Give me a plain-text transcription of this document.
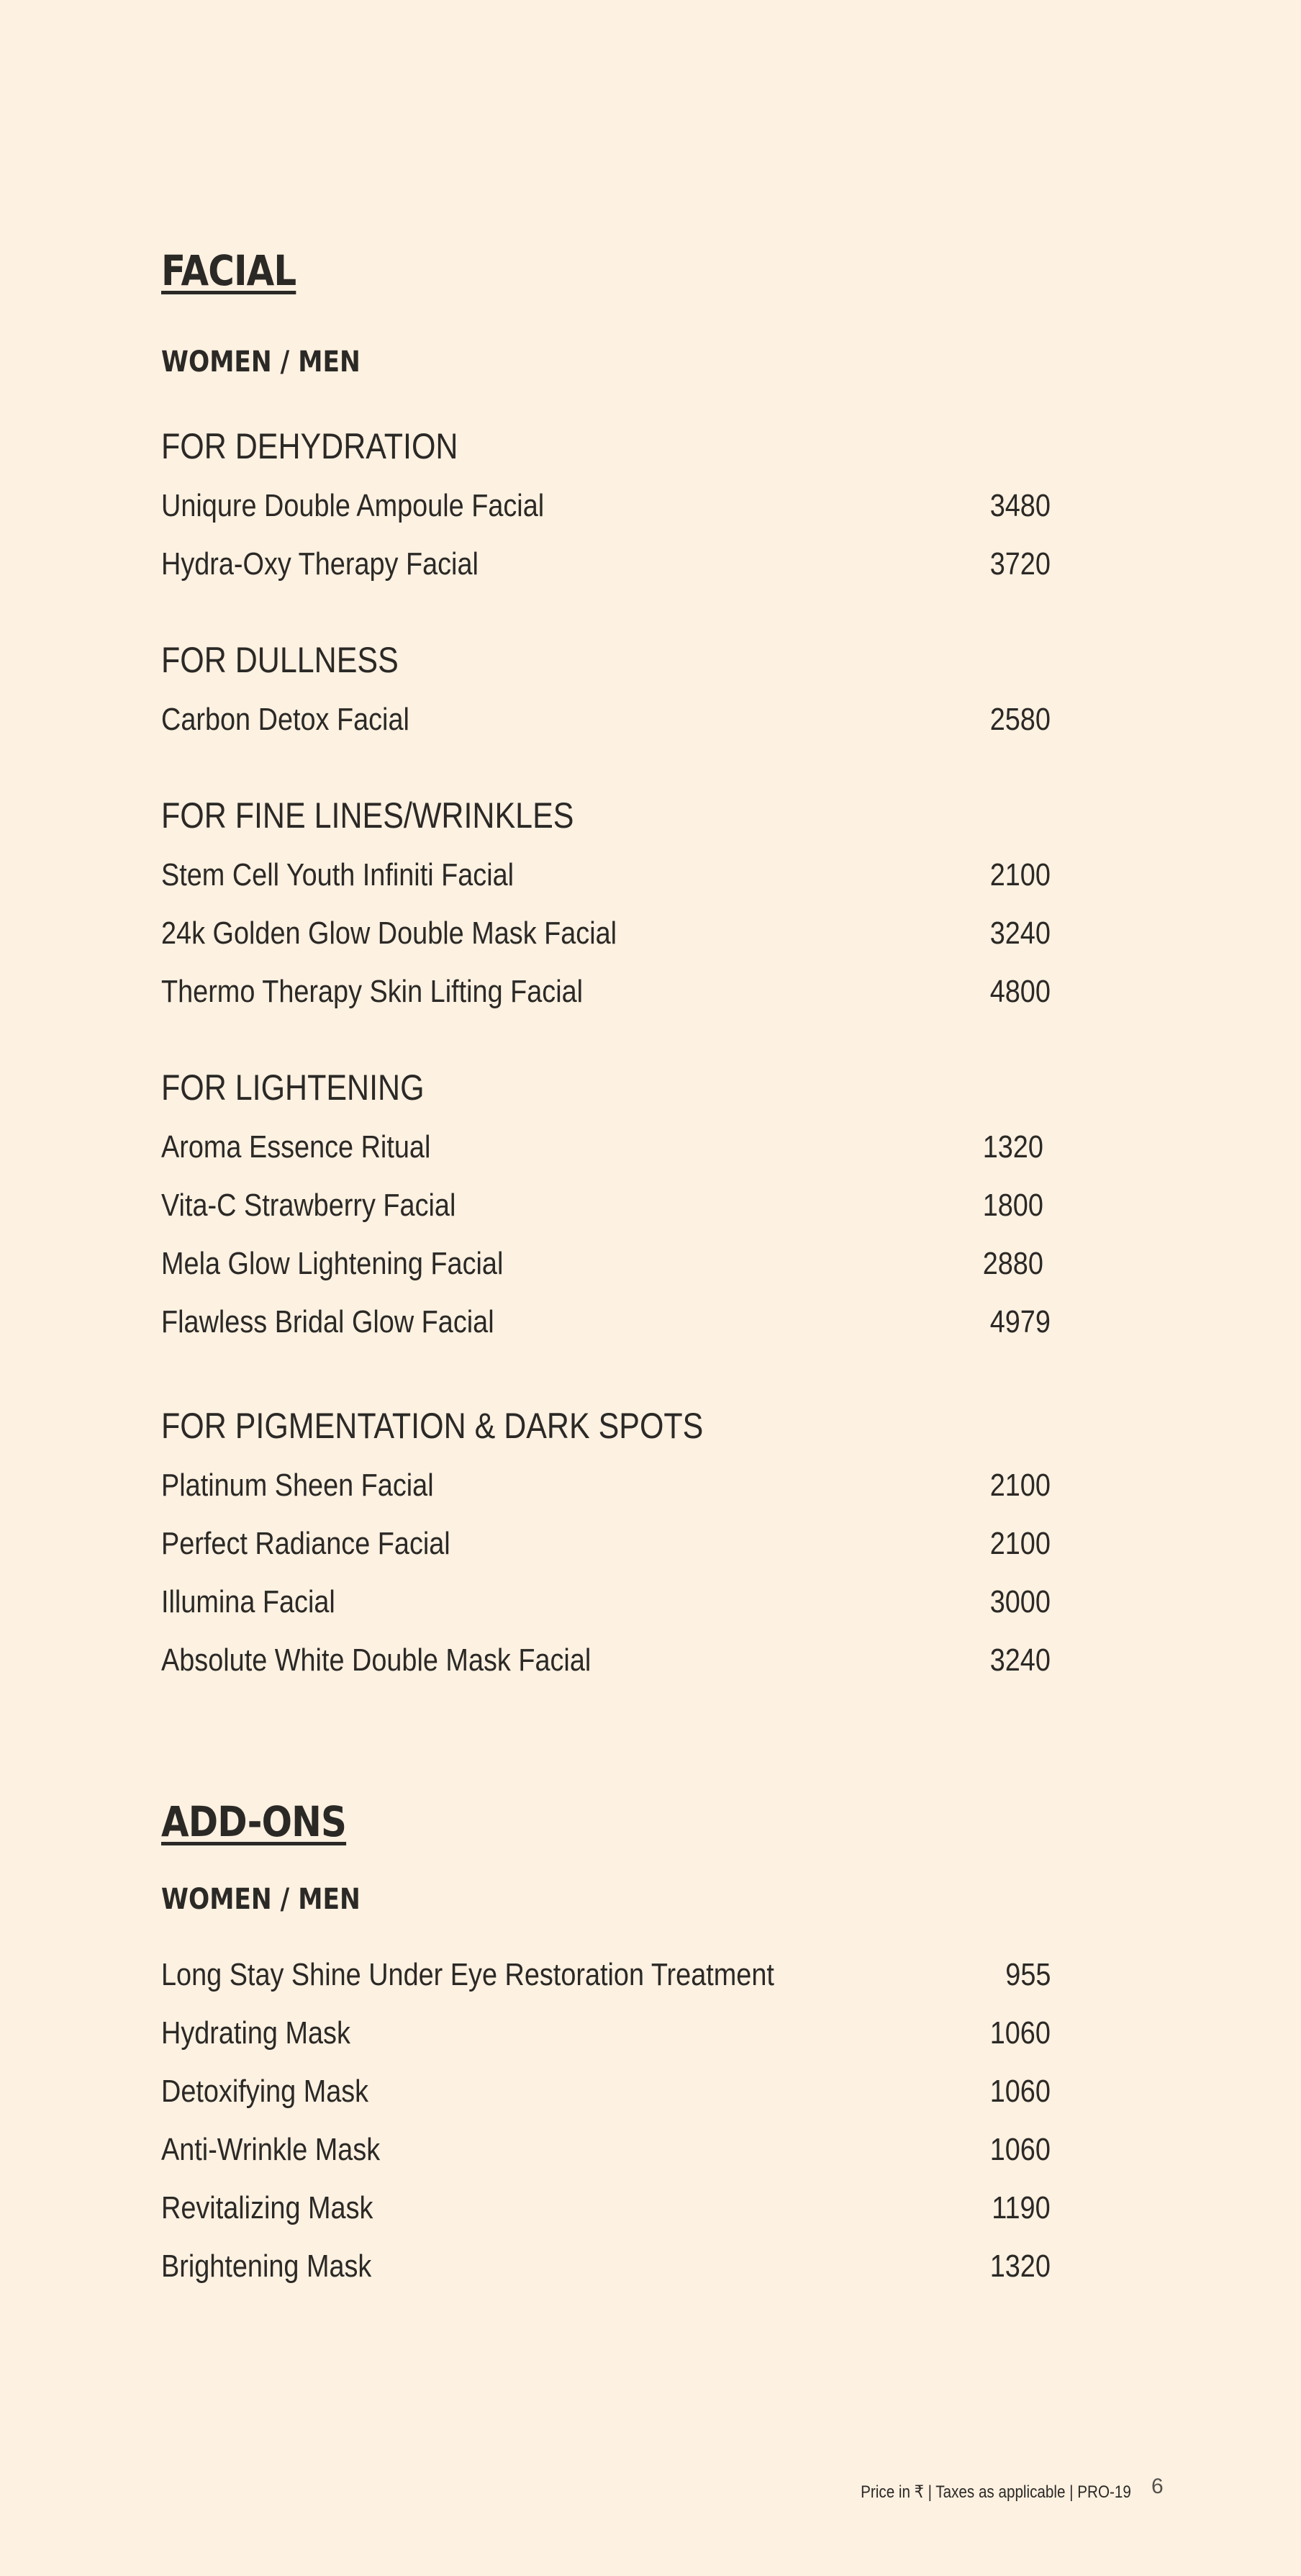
FACIAL
WOMEN / MEN
FOR DEHYDRATION
Uniqure Double Ampoule Facial	3480
Hydra-Oxy Therapy Facial	3720
FOR DULLNESS
Carbon Detox Facial	2580
FOR FINE LINES/WRINKLES
Stem Cell Youth Infiniti Facial	2100
24k Golden Glow Double Mask Facial	3240
Thermo Therapy Skin Lifting Facial	4800
FOR LIGHTENING
Aroma Essence Ritual	1320
Vita-C Strawberry Facial	1800
Mela Glow Lightening Facial	2880
Flawless Bridal Glow Facial	4979
FOR PIGMENTATION & DARK SPOTS
Platinum Sheen Facial	2100
Perfect Radiance Facial	2100
Illumina Facial	3000
Absolute White Double Mask Facial	3240
ADD-ONS
WOMEN / MEN
Long Stay Shine Under Eye Restoration Treatment	955
Hydrating Mask	1060
Detoxifying Mask	1060
Anti-Wrinkle Mask	1060
Revitalizing Mask	1190
Brightening Mask	1320
Price in ₹ | Taxes as applicable | PRO-19 6
